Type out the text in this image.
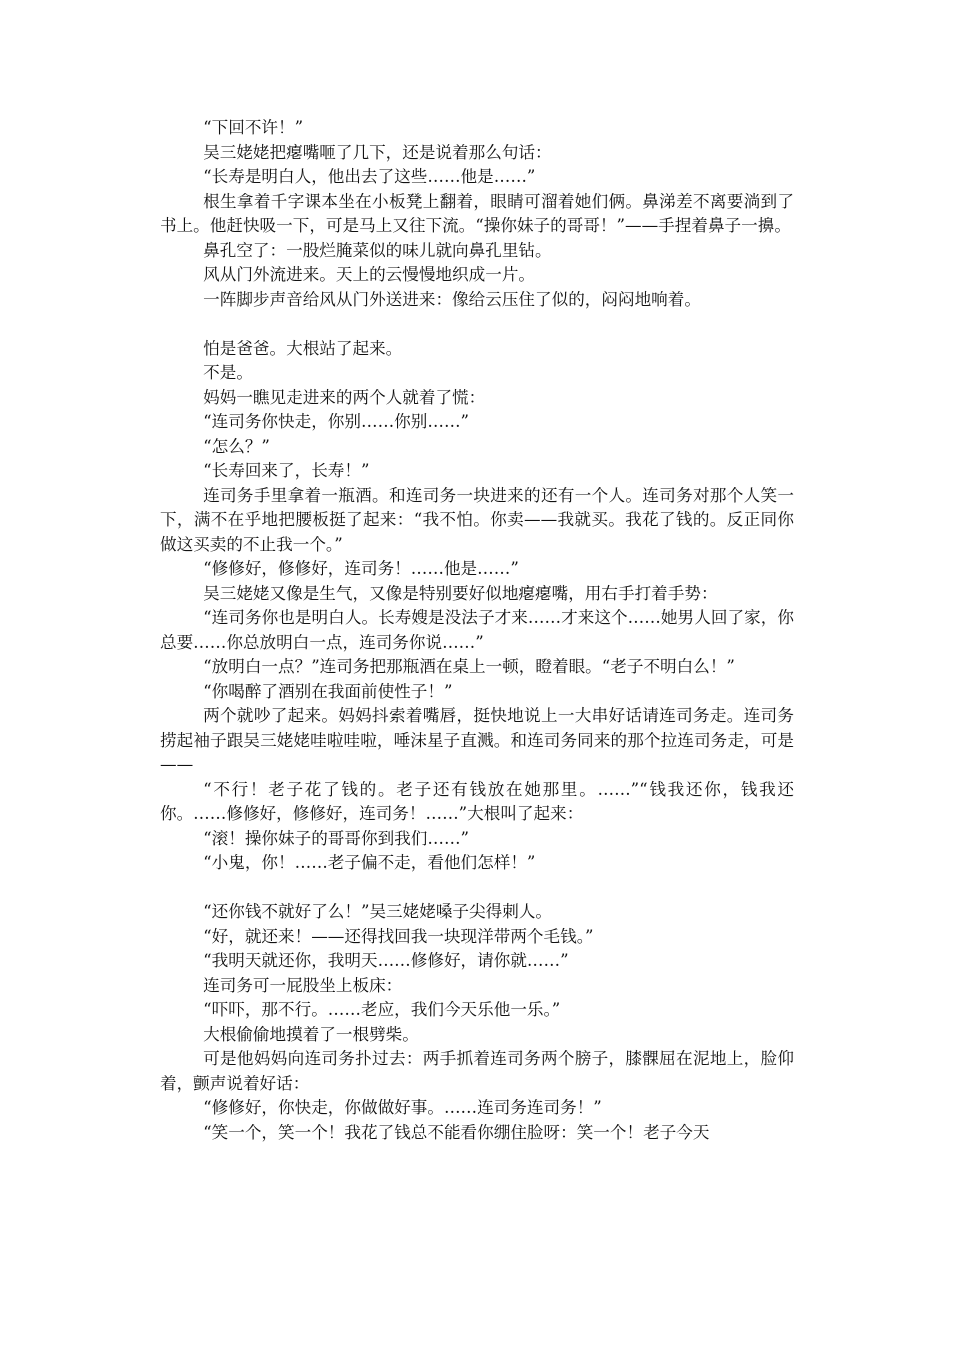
“下回不许！”

吴三姥姥把瘪嘴咂了几下，还是说着那么句话：

“长寿是明白人，他出去了这些……他是……”

根生拿着千字课本坐在小板凳上翻着，眼睛可溜着她们俩。鼻涕差不离要淌到了书上。他赶快吸一下，可是马上又往下流。“操你妹子的哥哥！”——手捏着鼻子一擤。

鼻孔空了：一股烂腌菜似的味儿就向鼻孔里钻。

风从门外流进来。天上的云慢慢地织成一片。

一阵脚步声音给风从门外送进来：像给云压住了似的，闷闷地响着。

怕是爸爸。大根站了起来。

不是。

妈妈一瞧见走进来的两个人就着了慌：

“连司务你快走，你别……你别……”

“怎么？”

“长寿回来了，长寿！”

连司务手里拿着一瓶酒。和连司务一块进来的还有一个人。连司务对那个人笑一下，满不在乎地把腰板挺了起来：“我不怕。你卖——我就买。我花了钱的。反正同你做这买卖的不止我一个。”

“修修好，修修好，连司务！……他是……”

吴三姥姥又像是生气，又像是特别要好似地瘪瘪嘴，用右手打着手势：

“连司务你也是明白人。长寿嫂是没法子才来……才来这个……她男人回了家，你总要……你总放明白一点，连司务你说……”

“放明白一点？”连司务把那瓶酒在桌上一顿，瞪着眼。“老子不明白么！”

“你喝醉了酒别在我面前使性子！”

两个就吵了起来。妈妈抖索着嘴唇，挺快地说上一大串好话请连司务走。连司务捞起袖子跟吴三姥姥哇啦哇啦，唾沫星子直溅。和连司务同来的那个拉连司务走，可是——

“不行！老子花了钱的。老子还有钱放在她那里。……”“钱我还你，钱我还你。……修修好，修修好，连司务！……”大根叫了起来：

“滚！操你妹子的哥哥你到我们……”

“小鬼，你！……老子偏不走，看他们怎样！”

“还你钱不就好了么！”吴三姥姥嗓子尖得刺人。

“好，就还来！——还得找回我一块现洋带两个毛钱。”

“我明天就还你，我明天……修修好，请你就……”

连司务可一屁股坐上板床：

“吓吓，那不行。……老应，我们今天乐他一乐。”

大根偷偷地摸着了一根劈柴。

可是他妈妈向连司务扑过去：两手抓着连司务两个膀子，膝髁屈在泥地上，脸仰着，颤声说着好话：

“修修好，你快走，你做做好事。……连司务连司务！”

“笑一个，笑一个！我花了钱总不能看你绷住脸呀：笑一个！老子今天
